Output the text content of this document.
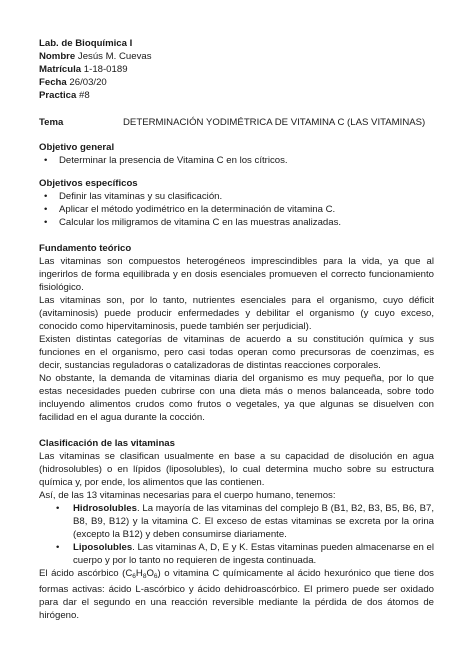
Lab. de Bioquímica I

Nombre Jesús M. Cuevas

Matrícula 1-18-0189

Fecha 26/03/20

Practica #8

Tema	DETERMINACIÓN YODIMÉTRICA DE VITAMINA C (LAS VITAMINAS)

Objetivo general

• Determinar la presencia de Vitamina C en los cítricos.

Objetivos específicos

• Definir las vitaminas y su clasificación.
• Aplicar el método yodimétrico en la determinación de vitamina C.
• Calcular los miligramos de vitamina C en las muestras analizadas.

Fundamento teórico

Las vitaminas son compuestos heterogéneos imprescindibles para la vida, ya que al ingerirlos de forma equilibrada y en dosis esenciales promueven el correcto funcionamiento fisiológico.

Las vitaminas son, por lo tanto, nutrientes esenciales para el organismo, cuyo déficit (avitaminosis) puede producir enfermedades y debilitar el organismo (y cuyo exceso, conocido como hipervitaminosis, puede también ser perjudicial).

Existen distintas categorías de vitaminas de acuerdo a su constitución química y sus funciones en el organismo, pero casi todas operan como precursoras de coenzimas, es decir, sustancias reguladoras o catalizadoras de distintas reacciones corporales.

No obstante, la demanda de vitaminas diaria del organismo es muy pequeña, por lo que estas necesidades pueden cubrirse con una dieta más o menos balanceada, sobre todo incluyendo alimentos crudos como frutos o vegetales, ya que algunas se disuelven con facilidad en el agua durante la cocción.

Clasificación de las vitaminas

Las vitaminas se clasifican usualmente en base a su capacidad de disolución en agua (hidrosolubles) o en lípidos (liposolubles), lo cual determina mucho sobre su estructura química y, por ende, los alimentos que las contienen.

Así, de las 13 vitaminas necesarias para el cuerpo humano, tenemos:

• Hidrosolubles. La mayoría de las vitaminas del complejo B (B1, B2, B3, B5, B6, B7, B8, B9, B12) y la vitamina C. El exceso de estas vitaminas se excreta por la orina (excepto la B12) y deben consumirse diariamente.
• Liposolubles. Las vitaminas A, D, E y K. Estas vitaminas pueden almacenarse en el cuerpo y por lo tanto no requieren de ingesta continuada.

El ácido ascórbico $(C_6H_8O_6)$ o vitamina C químicamente al ácido hexurónico que tiene dos formas activas: ácido L-ascórbico y ácido dehidroascórbico. El primero puede ser oxidado para dar el segundo en una reacción reversible mediante la pérdida de dos átomos de hirógeno.
